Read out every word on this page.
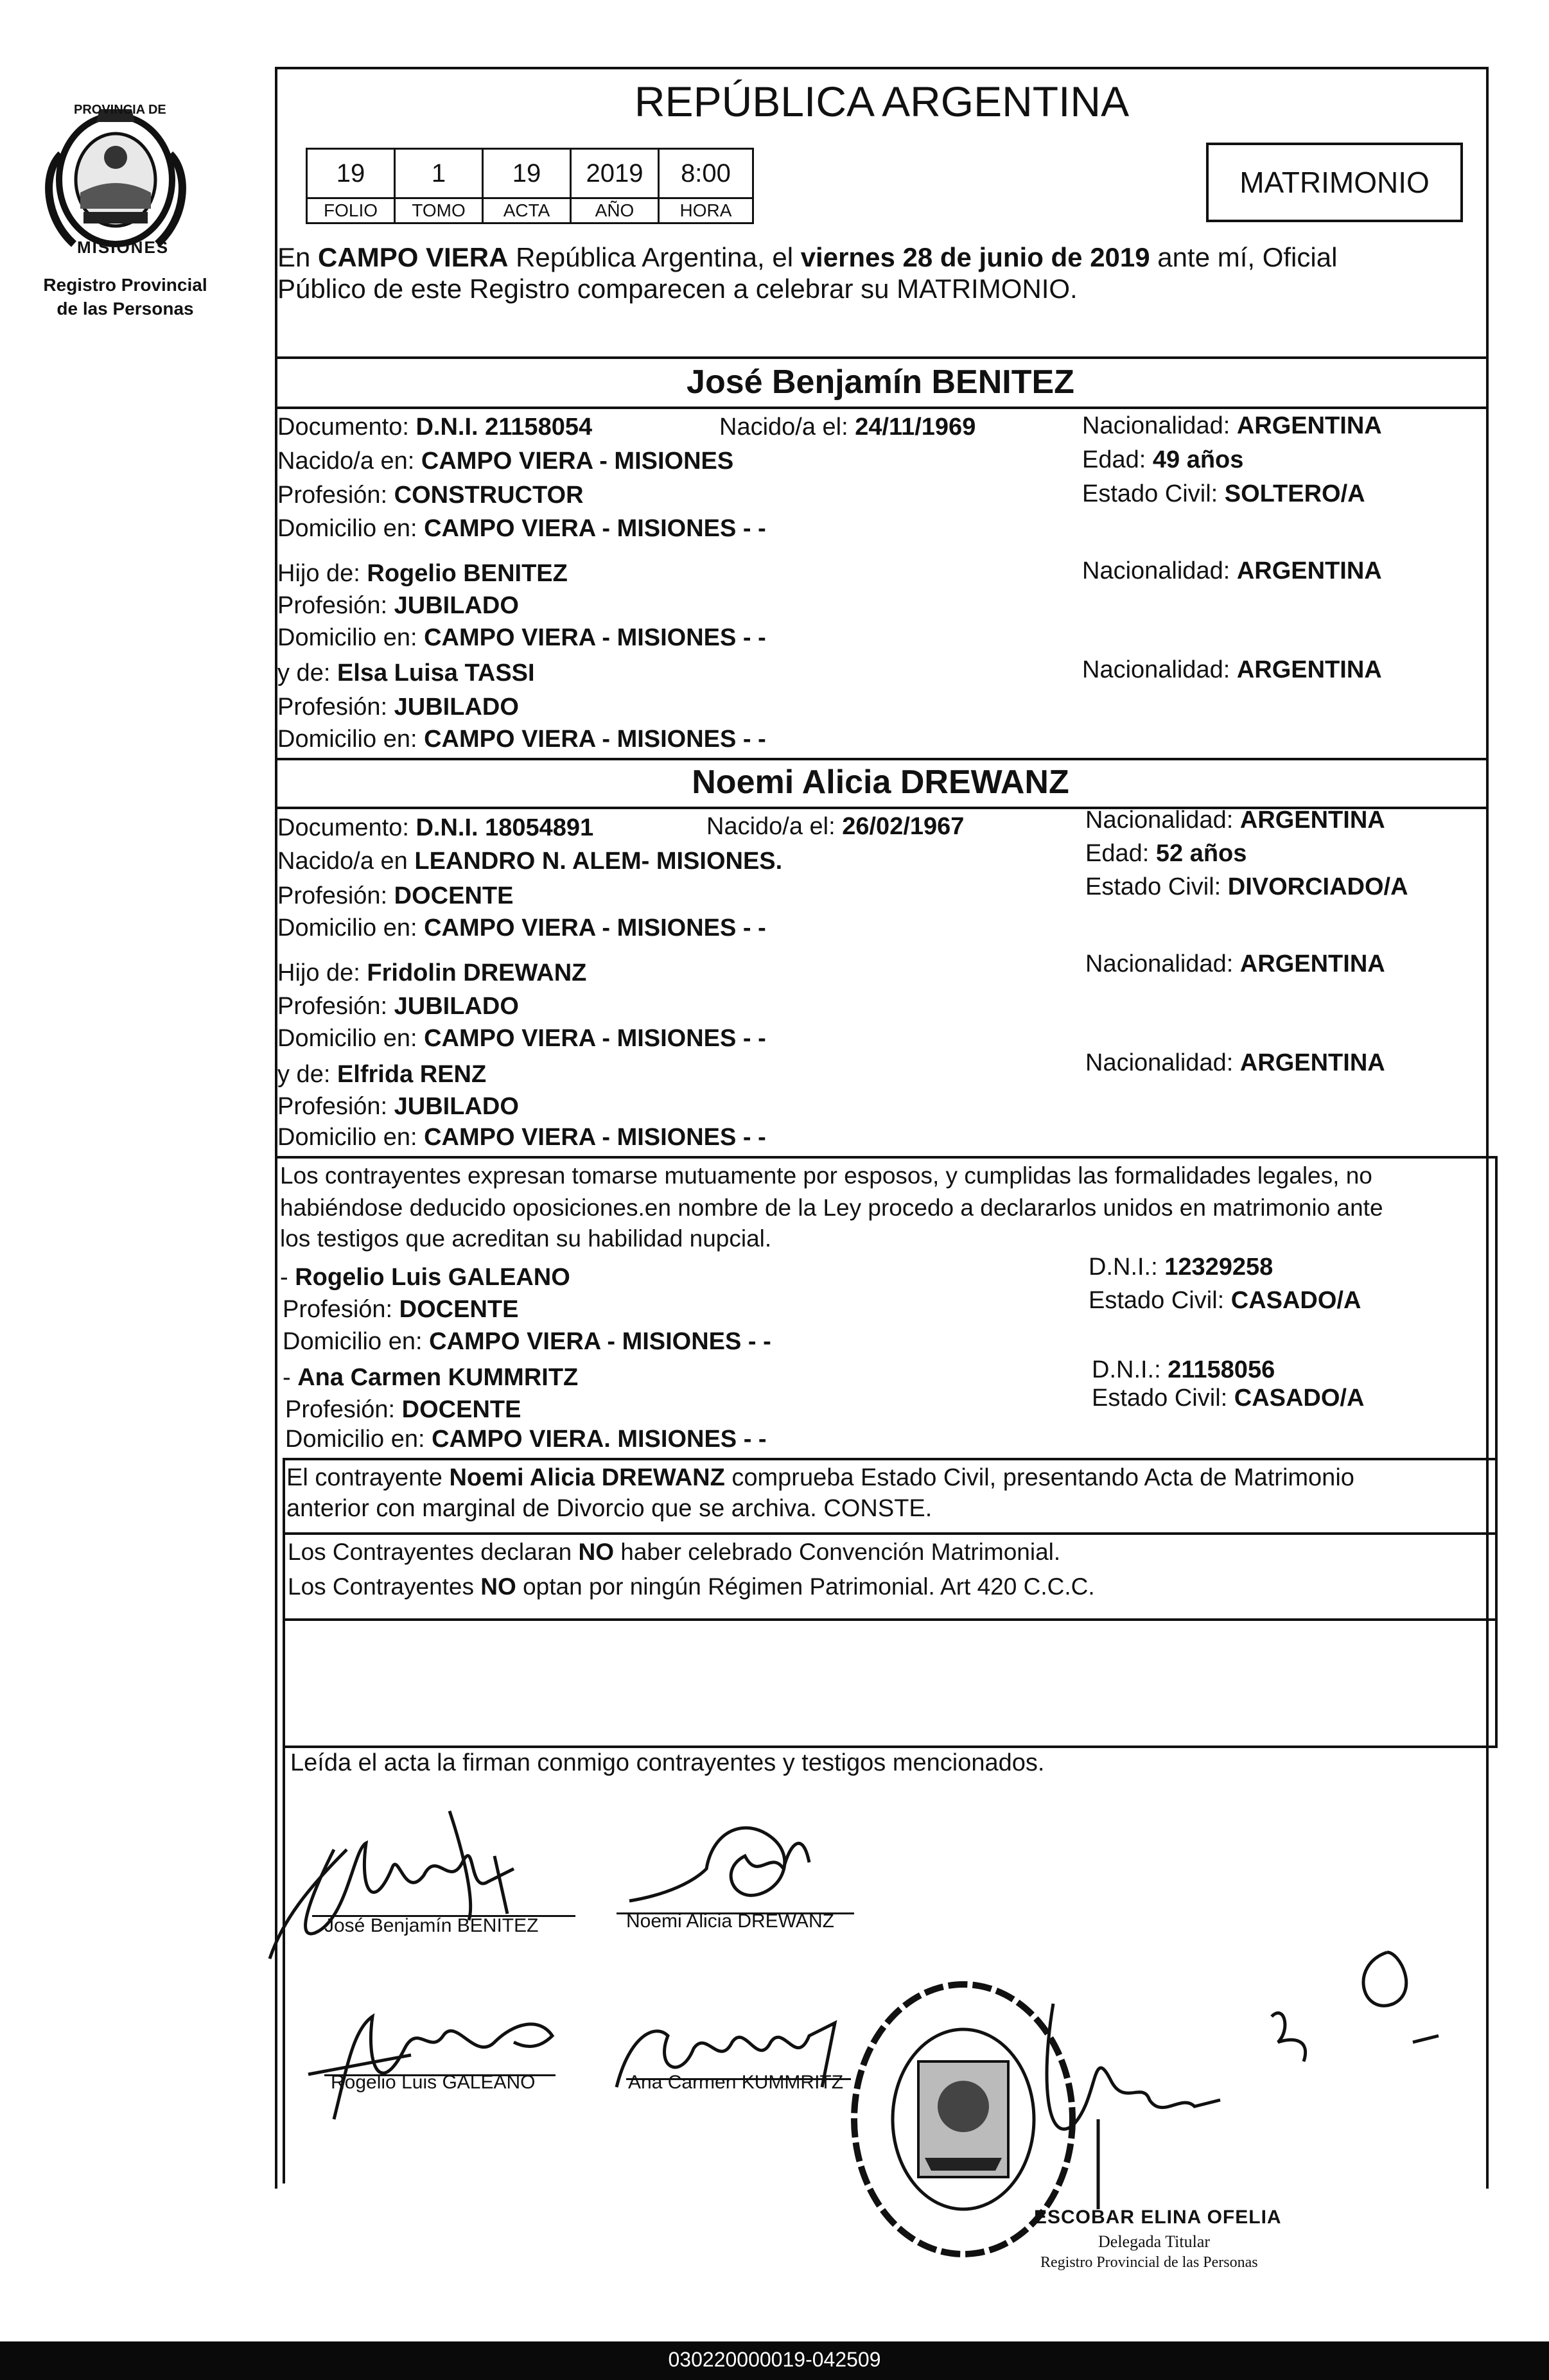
PROVINCIA DE
MISIONES
Registro Provincial
de las Personas
REPÚBLICA ARGENTINA
19	1	19	2019	8:00
FOLIO	TOMO	ACTA	AÑO	HORA
MATRIMONIO
En CAMPO VIERA República Argentina, el viernes 28 de junio de 2019 ante mí, Oficial
Público de este Registro comparecen a celebrar su MATRIMONIO.
José Benjamín BENITEZ
Documento: D.N.I. 21158054	Nacido/a el: 24/11/1969	Nacionalidad: ARGENTINA
Nacido/a en: CAMPO VIERA - MISIONES	Edad: 49 años
Profesión: CONSTRUCTOR	Estado Civil: SOLTERO/A
Domicilio en: CAMPO VIERA - MISIONES - -
Hijo de: Rogelio BENITEZ	Nacionalidad: ARGENTINA
Profesión: JUBILADO
Domicilio en: CAMPO VIERA - MISIONES - -
y de: Elsa Luisa TASSI	Nacionalidad: ARGENTINA
Profesión: JUBILADO
Domicilio en: CAMPO VIERA - MISIONES - -
Noemi Alicia DREWANZ
Documento: D.N.I. 18054891	Nacido/a el: 26/02/1967	Nacionalidad: ARGENTINA
Nacido/a en LEANDRO N. ALEM- MISIONES.	Edad: 52 años
Profesión: DOCENTE	Estado Civil: DIVORCIADO/A
Domicilio en: CAMPO VIERA - MISIONES - -
Hijo de: Fridolin DREWANZ	Nacionalidad: ARGENTINA
Profesión: JUBILADO
Domicilio en: CAMPO VIERA - MISIONES - -
y de: Elfrida RENZ	Nacionalidad: ARGENTINA
Profesión: JUBILADO
Domicilio en: CAMPO VIERA - MISIONES - -
Los contrayentes expresan tomarse mutuamente por esposos, y cumplidas las formalidades legales, no
habiéndose deducido oposiciones.en nombre de la Ley procedo a declararlos unidos en matrimonio ante
los testigos que acreditan su habilidad nupcial.
- Rogelio Luis GALEANO	D.N.I.: 12329258
Profesión: DOCENTE	Estado Civil: CASADO/A
Domicilio en: CAMPO VIERA - MISIONES - -
- Ana Carmen KUMMRITZ	D.N.I.: 21158056
Profesión: DOCENTE	Estado Civil: CASADO/A
Domicilio en: CAMPO VIERA. MISIONES - -
El contrayente Noemi Alicia DREWANZ comprueba Estado Civil, presentando Acta de Matrimonio
anterior con marginal de Divorcio que se archiva. CONSTE.
Los Contrayentes declaran NO haber celebrado Convención Matrimonial.
Los Contrayentes NO optan por ningún Régimen Patrimonial. Art 420 C.C.C.
Leída el acta la firman conmigo contrayentes y testigos mencionados.
José Benjamín BENITEZ	Noemi Alicia DREWANZ
Rogelio Luis GALEANO	Ana Carmen KUMMRITZ
ESCOBAR ELINA OFELIA
Delegada Titular
Registro Provincial de las Personas
030220000019-042509
